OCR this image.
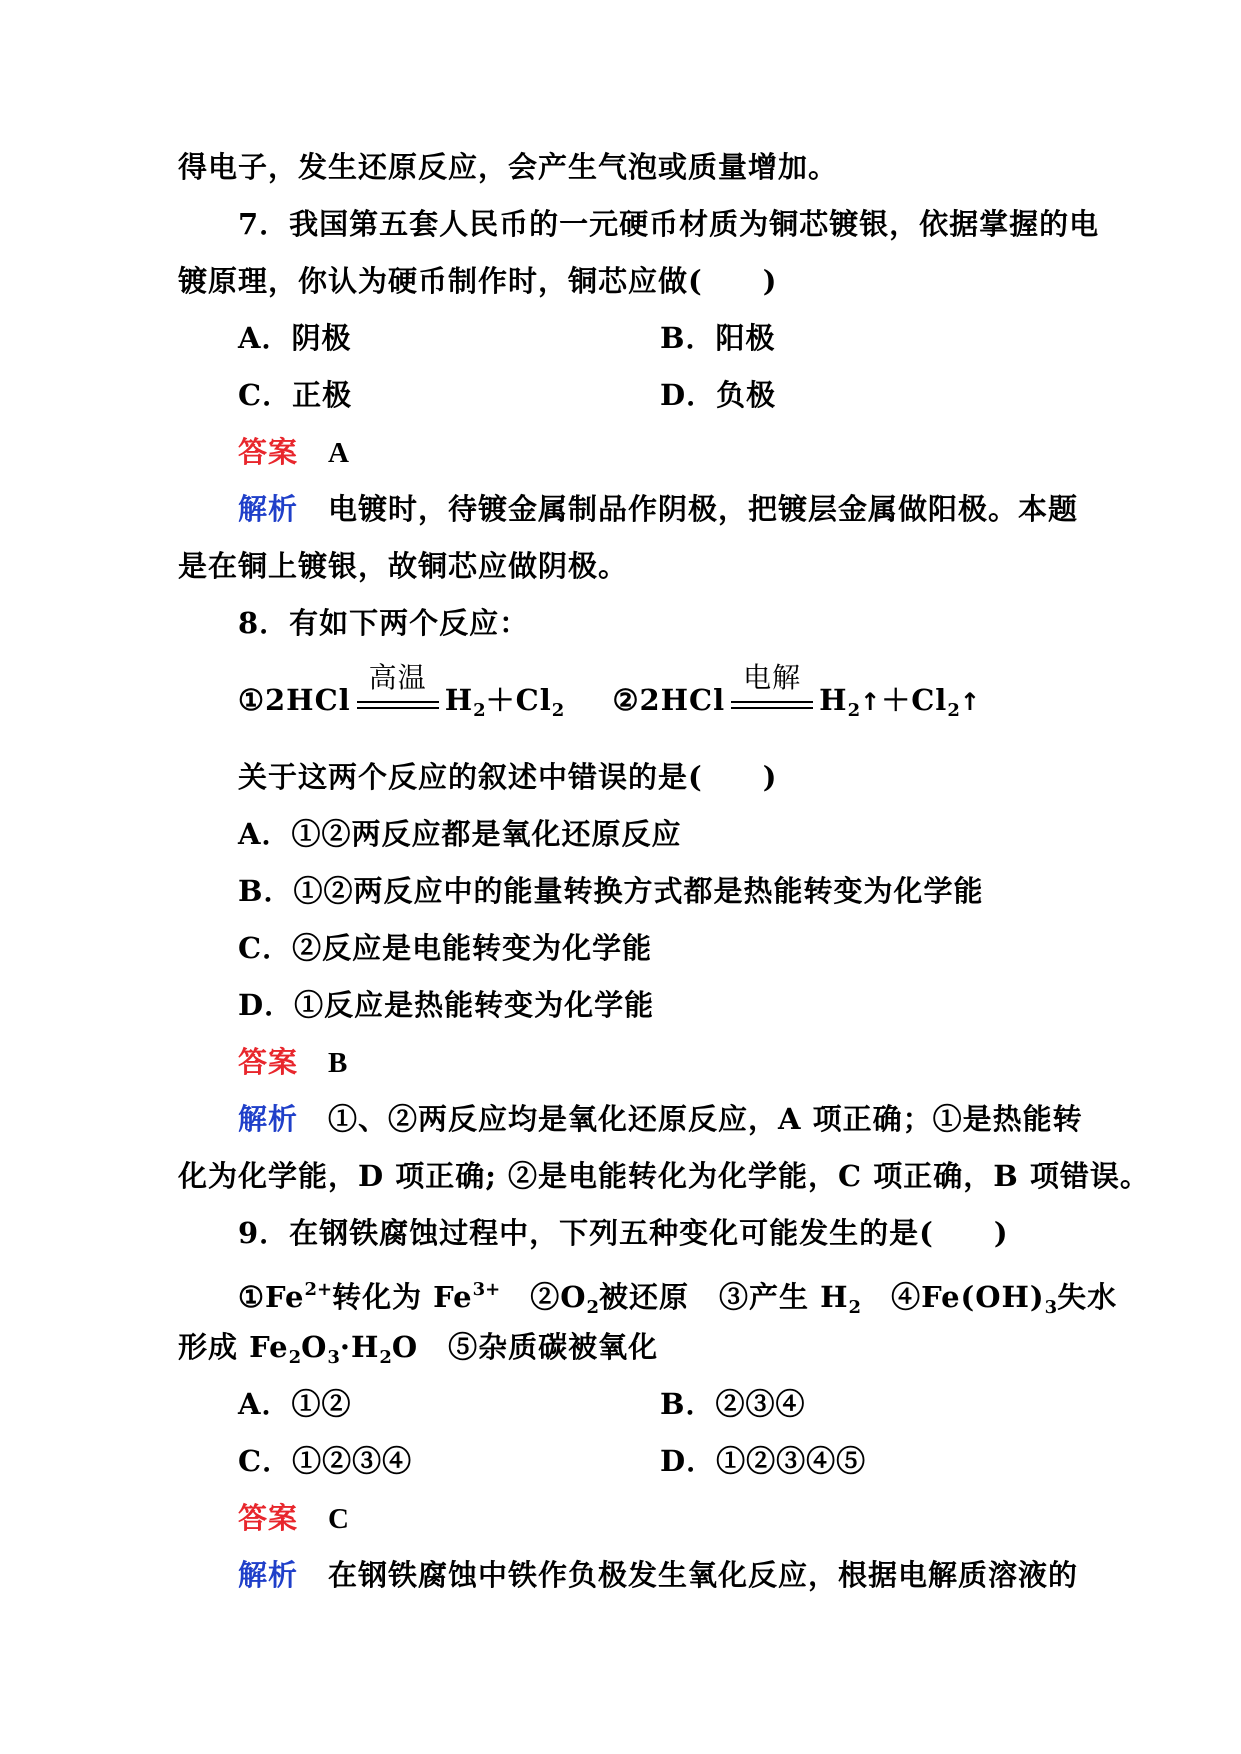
得电子，发生还原反应，会产生气泡或质量增加。
7．我国第五套人民币的一元硬币材质为铜芯镀银，依据掌握的电
镀原理，你认为硬币制作时，铜芯应做(　　)
A．阴极	B．阳极
C．正极	D．负极
答案 A
解析 电镀时，待镀金属制品作阴极，把镀层金属做阳极。本题
是在铜上镀银，故铜芯应做阴极。
8．有如下两个反应：
①2HCl
高温
$H_2+Cl_2$ ②2HCl
电解
$H_2↑+Cl_2↑$
关于这两个反应的叙述中错误的是(　　)
A．①②两反应都是氧化还原反应
B．①②两反应中的能量转换方式都是热能转变为化学能
C．②反应是电能转变为化学能
D．①反应是热能转变为化学能
答案 B
解析 ①、②两反应均是氧化还原反应，A 项正确；①是热能转
化为化学能，D 项正确; ②是电能转化为化学能，C 项正确，B 项错误。
9．在钢铁腐蚀过程中，下列五种变化可能发生的是(　　)
$①Fe^{2+}$转化为 $Fe^{3+}$　$②O_2$被还原　③产生 $H_2$　$④Fe(OH)_3$失水
形成 $Fe_2O_3\cdot H_2O$　⑤杂质碳被氧化
A．①②	B．②③④
C．①②③④	D．①②③④⑤
答案 C
解析 在钢铁腐蚀中铁作负极发生氧化反应，根据电解质溶液的
